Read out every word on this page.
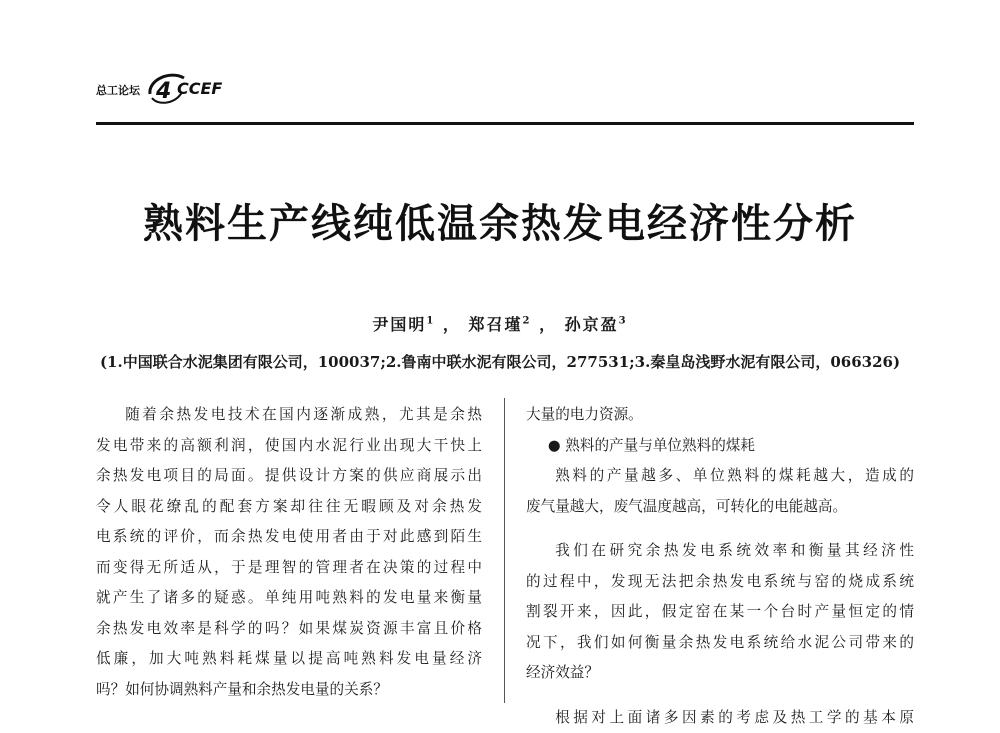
总工论坛 4 CCEF
熟料生产线纯低温余热发电经济性分析
尹国明$^1$ ， 郑召瑾$^2$ ， 孙京盈$^3$
(1.中国联合水泥集团有限公司，100037;2.鲁南中联水泥有限公司，277531;3.秦皇岛浅野水泥有限公司，066326)
随着余热发电技术在国内逐渐成熟，尤其是余热
发电带来的高额利润，使国内水泥行业出现大干快上
余热发电项目的局面。提供设计方案的供应商展示出
令人眼花缭乱的配套方案却往往无暇顾及对余热发
电系统的评价，而余热发电使用者由于对此感到陌生
而变得无所适从，于是理智的管理者在决策的过程中
就产生了诸多的疑惑。单纯用吨熟料的发电量来衡量
余热发电效率是科学的吗？如果煤炭资源丰富且价格
低廉，加大吨熟料耗煤量以提高吨熟料发电量经济
吗？如何协调熟料产量和余热发电量的关系？
大量的电力资源。
● 熟料的产量与单位熟料的煤耗
熟料的产量越多、单位熟料的煤耗越大，造成的
废气量越大，废气温度越高，可转化的电能越高。
我们在研究余热发电系统效率和衡量其经济性
的过程中，发现无法把余热发电系统与窑的烧成系统
割裂开来，因此，假定窑在某一个台时产量恒定的情
况下，我们如何衡量余热发电系统给水泥公司带来的
经济效益？
根据对上面诸多因素的考虑及热工学的基本原
